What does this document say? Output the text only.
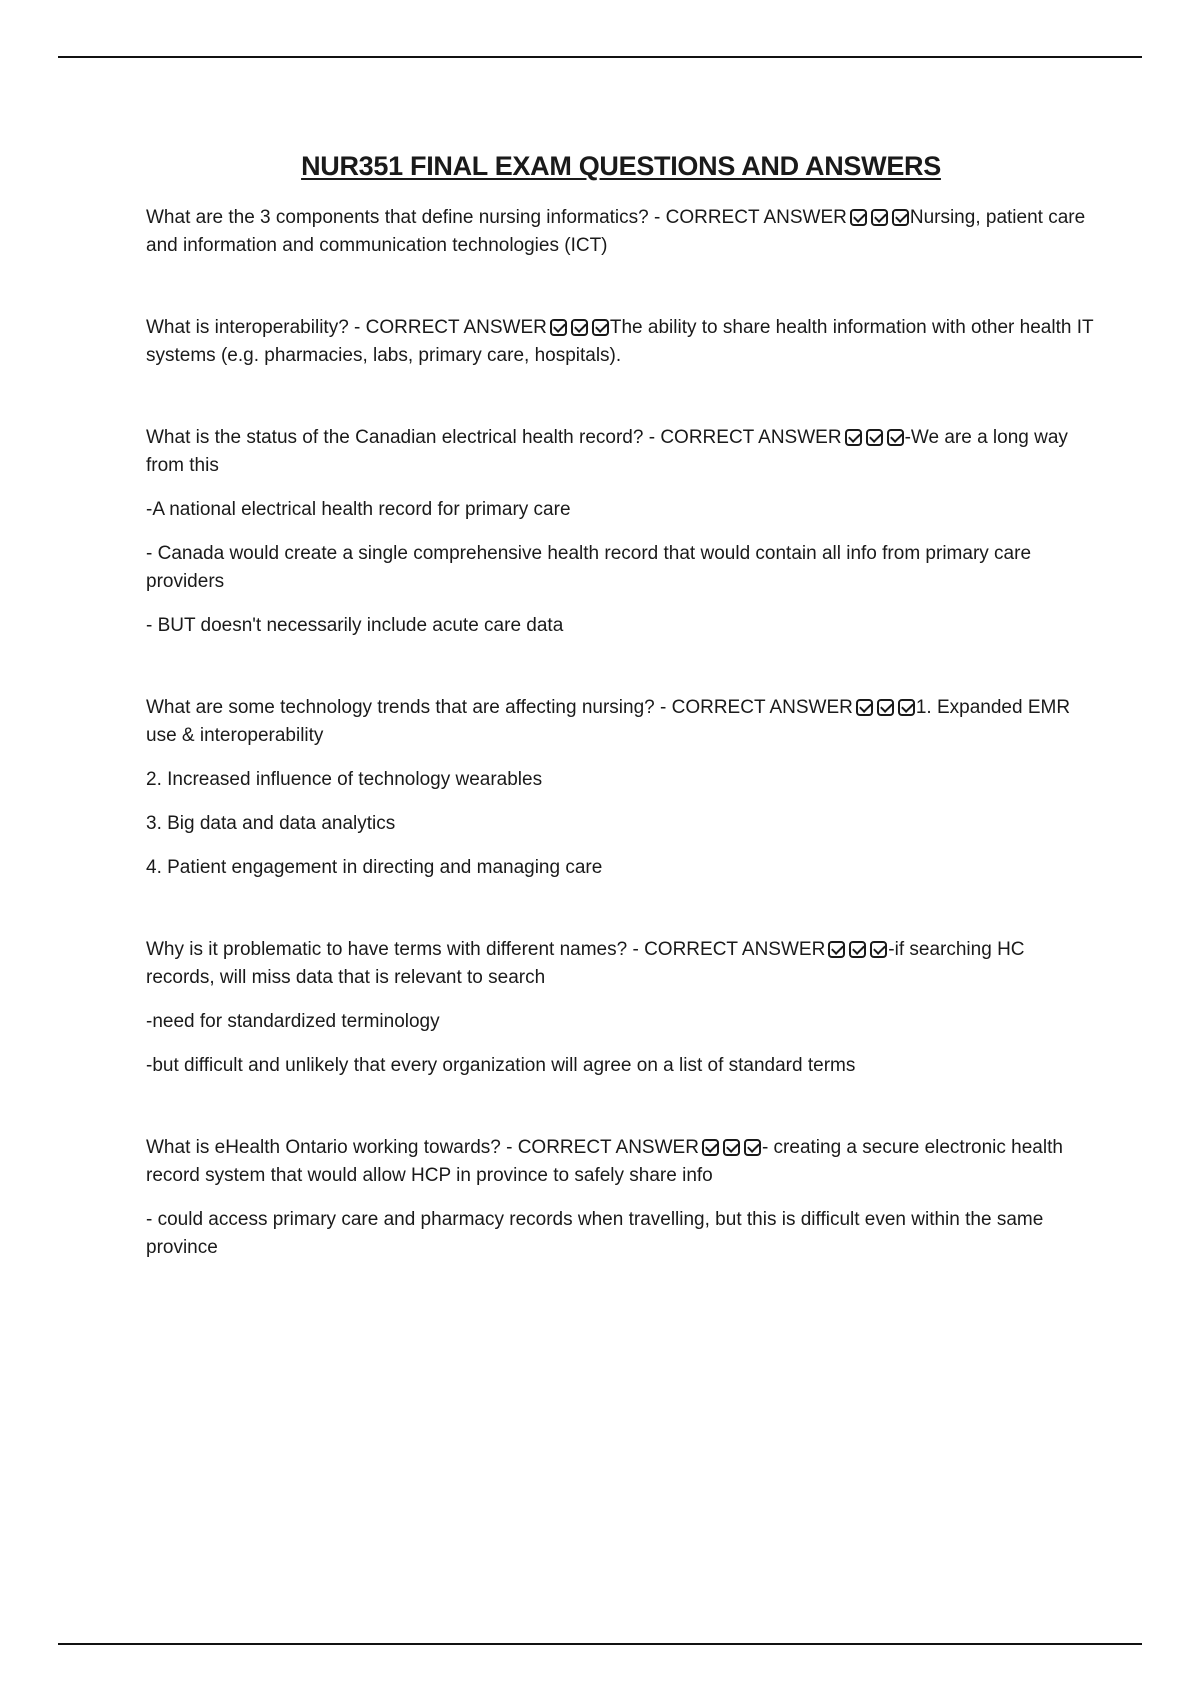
NUR351 FINAL EXAM QUESTIONS AND ANSWERS

What are the 3 components that define nursing informatics? - CORRECT ANSWER	Nursing, patient care and information and communication technologies (ICT)

What is interoperability? - CORRECT ANSWER	The ability to share health information with other health IT systems (e.g. pharmacies, labs, primary care, hospitals).

What is the status of the Canadian electrical health record? - CORRECT ANSWER	-We are a long way from this

-A national electrical health record for primary care

- Canada would create a single comprehensive health record that would contain all info from primary care providers

- BUT doesn't necessarily include acute care data

What are some technology trends that are affecting nursing? - CORRECT ANSWER	1. Expanded EMR use & interoperability

2. Increased influence of technology wearables

3. Big data and data analytics

4. Patient engagement in directing and managing care

Why is it problematic to have terms with different names? - CORRECT ANSWER	-if searching HC records, will miss data that is relevant to search

-need for standardized terminology

-but difficult and unlikely that every organization will agree on a list of standard terms

What is eHealth Ontario working towards? - CORRECT ANSWER	- creating a secure electronic health record system that would allow HCP in province to safely share info

- could access primary care and pharmacy records when travelling, but this is difficult even within the same province
